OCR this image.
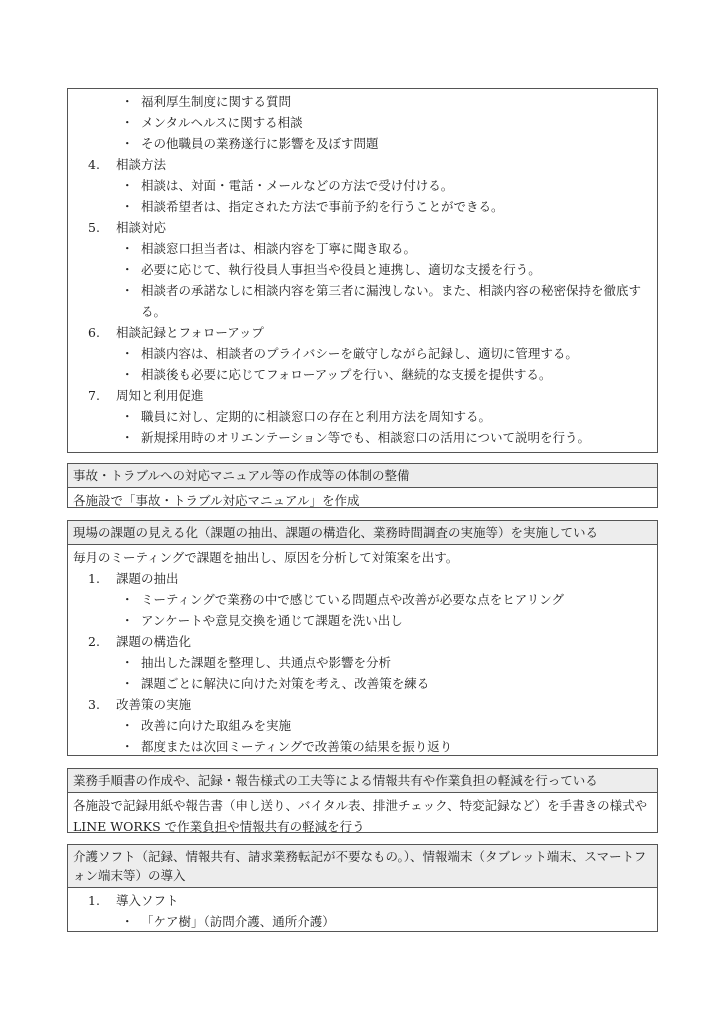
・ 福利厚生制度に関する質問
・ メンタルヘルスに関する相談
・ その他職員の業務遂行に影響を及ぼす問題
4. 相談方法
・ 相談は、対面・電話・メールなどの方法で受け付ける。
・ 相談希望者は、指定された方法で事前予約を行うことができる。
5. 相談対応
・ 相談窓口担当者は、相談内容を丁寧に聞き取る。
・ 必要に応じて、執行役員人事担当や役員と連携し、適切な支援を行う。
・ 相談者の承諾なしに相談内容を第三者に漏洩しない。また、相談内容の秘密保持を徹底する。
6. 相談記録とフォローアップ
・ 相談内容は、相談者のプライバシーを厳守しながら記録し、適切に管理する。
・ 相談後も必要に応じてフォローアップを行い、継続的な支援を提供する。
7. 周知と利用促進
・ 職員に対し、定期的に相談窓口の存在と利用方法を周知する。
・ 新規採用時のオリエンテーション等でも、相談窓口の活用について説明を行う。
事故・トラブルへの対応マニュアル等の作成等の体制の整備
各施設で「事故・トラブル対応マニュアル」を作成
現場の課題の見える化（課題の抽出、課題の構造化、業務時間調査の実施等）を実施している
毎月のミーティングで課題を抽出し、原因を分析して対策案を出す。
1. 課題の抽出
・ ミーティングで業務の中で感じている問題点や改善が必要な点をヒアリング
・ アンケートや意見交換を通じて課題を洗い出し
2. 課題の構造化
・ 抽出した課題を整理し、共通点や影響を分析
・ 課題ごとに解決に向けた対策を考え、改善策を練る
3. 改善策の実施
・ 改善に向けた取組みを実施
・ 都度または次回ミーティングで改善策の結果を振り返り
業務手順書の作成や、記録・報告様式の工夫等による情報共有や作業負担の軽減を行っている
各施設で記録用紙や報告書（申し送り、バイタル表、排泄チェック、特変記録など）を手書きの様式や
LINE WORKS で作業負担や情報共有の軽減を行う
介護ソフト（記録、情報共有、請求業務転記が不要なもの。）、情報端末（タブレット端末、スマートフ
ォン端末等）の導入
1. 導入ソフト
・ 「ケア樹」（訪問介護、通所介護）
